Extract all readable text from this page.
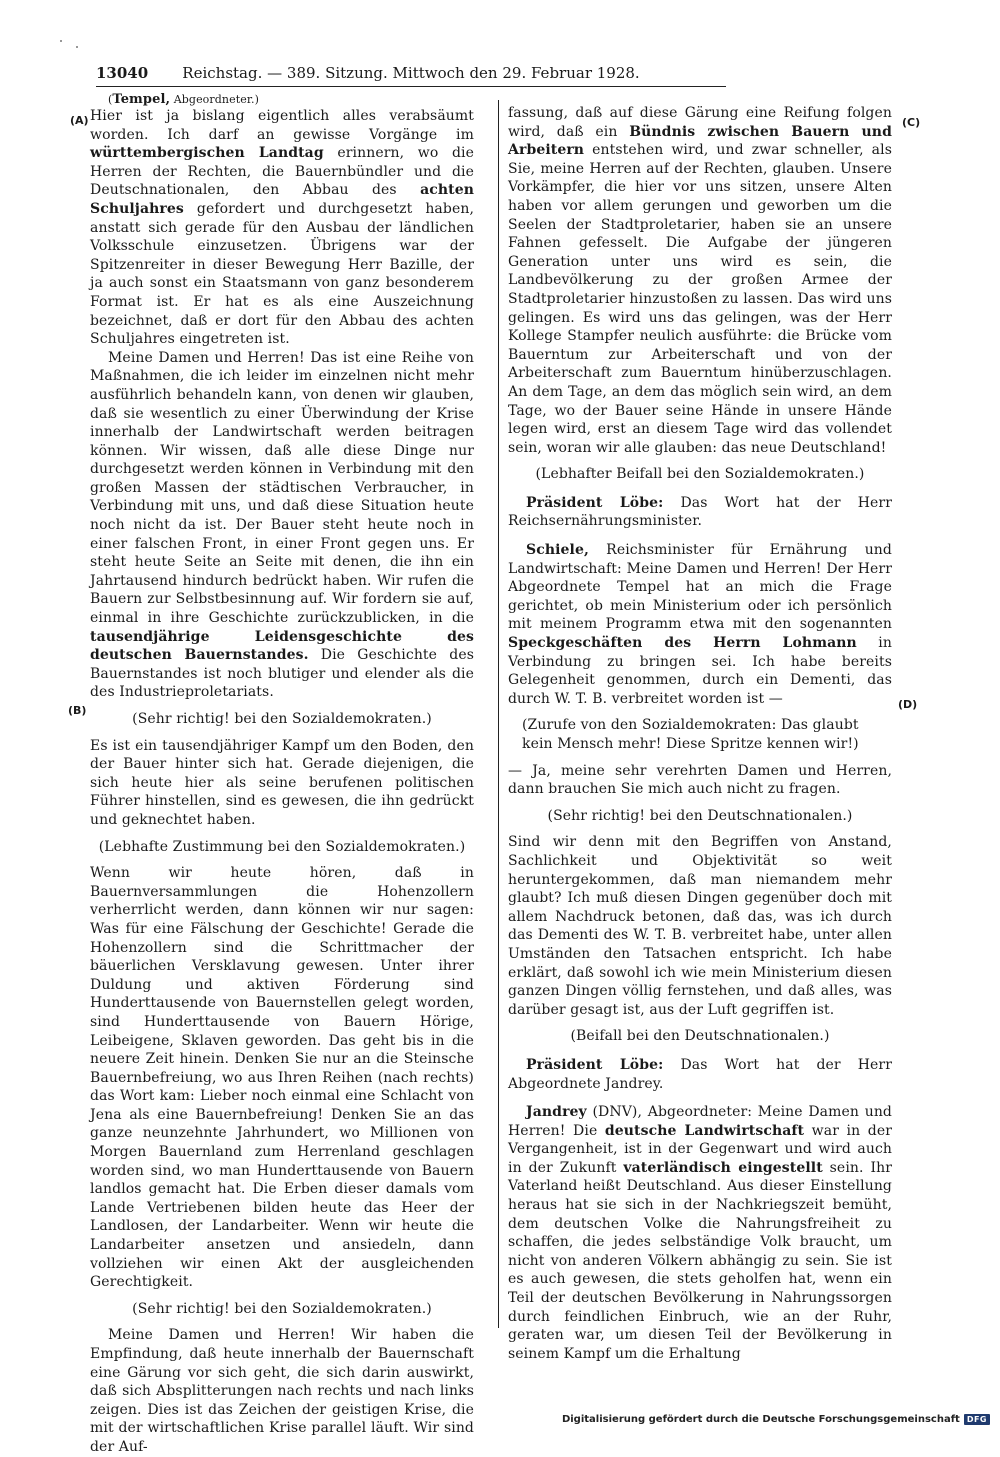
13040	Reichstag. — 389. Sitzung. Mittwoch den 29. Februar 1928.
(A)
(B)
(C)
(D)

(Tempel, Abgeordneter.)

Hier ist ja bislang eigentlich alles verabsäumt worden. Ich darf an gewisse Vorgänge im württembergischen Landtag erinnern, wo die Herren der Rechten, die Bauernbündler und die Deutschnationalen, den Abbau des achten Schuljahres gefordert und durchgesetzt haben, anstatt sich gerade für den Ausbau der ländlichen Volksschule einzusetzen. Übrigens war der Spitzenreiter in dieser Bewegung Herr Bazille, der ja auch sonst ein Staatsmann von ganz besonderem Format ist. Er hat es als eine Auszeichnung bezeichnet, daß er dort für den Abbau des achten Schuljahres eingetreten ist.

Meine Damen und Herren! Das ist eine Reihe von Maßnahmen, die ich leider im einzelnen nicht mehr ausführlich behandeln kann, von denen wir glauben, daß sie wesentlich zu einer Überwindung der Krise innerhalb der Landwirtschaft werden beitragen können. Wir wissen, daß alle diese Dinge nur durchgesetzt werden können in Verbindung mit den großen Massen der städtischen Verbraucher, in Verbindung mit uns, und daß diese Situation heute noch nicht da ist. Der Bauer steht heute noch in einer falschen Front, in einer Front gegen uns. Er steht heute Seite an Seite mit denen, die ihn ein Jahrtausend hindurch bedrückt haben. Wir rufen die Bauern zur Selbstbesinnung auf. Wir fordern sie auf, einmal in ihre Geschichte zurückzublicken, in die tausendjährige Leidensgeschichte des deutschen Bauernstandes. Die Geschichte des Bauernstandes ist noch blutiger und elender als die des Industrieproletariats.

(Sehr richtig! bei den Sozialdemokraten.)

Es ist ein tausendjähriger Kampf um den Boden, den der Bauer hinter sich hat. Gerade diejenigen, die sich heute hier als seine berufenen politischen Führer hinstellen, sind es gewesen, die ihn gedrückt und geknechtet haben.

(Lebhafte Zustimmung bei den Sozialdemokraten.)

Wenn wir heute hören, daß in Bauernversammlungen die Hohenzollern verherrlicht werden, dann können wir nur sagen: Was für eine Fälschung der Geschichte! Gerade die Hohenzollern sind die Schrittmacher der bäuerlichen Versklavung gewesen. Unter ihrer Duldung und aktiven Förderung sind Hunderttausende von Bauernstellen gelegt worden, sind Hunderttausende von Bauern Hörige, Leibeigene, Sklaven geworden. Das geht bis in die neuere Zeit hinein. Denken Sie nur an die Steinsche Bauernbefreiung, wo aus Ihren Reihen (nach rechts) das Wort kam: Lieber noch einmal eine Schlacht von Jena als eine Bauernbefreiung! Denken Sie an das ganze neunzehnte Jahrhundert, wo Millionen von Morgen Bauernland zum Herrenland geschlagen worden sind, wo man Hunderttausende von Bauern landlos gemacht hat. Die Erben dieser damals vom Lande Vertriebenen bilden heute das Heer der Landlosen, der Landarbeiter. Wenn wir heute die Landarbeiter ansetzen und ansiedeln, dann vollziehen wir einen Akt der ausgleichenden Gerechtigkeit.

(Sehr richtig! bei den Sozialdemokraten.)

Meine Damen und Herren! Wir haben die Empfindung, daß heute innerhalb der Bauernschaft eine Gärung vor sich geht, die sich darin auswirkt, daß sich Absplitterungen nach rechts und nach links zeigen. Dies ist das Zeichen der geistigen Krise, die mit der wirtschaftlichen Krise parallel läuft. Wir sind der Auf-

fassung, daß auf diese Gärung eine Reifung folgen wird, daß ein Bündnis zwischen Bauern und Arbeitern entstehen wird, und zwar schneller, als Sie, meine Herren auf der Rechten, glauben. Unsere Vorkämpfer, die hier vor uns sitzen, unsere Alten haben vor allem gerungen und geworben um die Seelen der Stadtproletarier, haben sie an unsere Fahnen gefesselt. Die Aufgabe der jüngeren Generation unter uns wird es sein, die Landbevölkerung zu der großen Armee der Stadtproletarier hinzustoßen zu lassen. Das wird uns gelingen. Es wird uns das gelingen, was der Herr Kollege Stampfer neulich ausführte: die Brücke vom Bauerntum zur Arbeiterschaft und von der Arbeiterschaft zum Bauerntum hinüberzuschlagen. An dem Tage, an dem das möglich sein wird, an dem Tage, wo der Bauer seine Hände in unsere Hände legen wird, erst an diesem Tage wird das vollendet sein, woran wir alle glauben: das neue Deutschland!

(Lebhafter Beifall bei den Sozialdemokraten.)

Präsident Löbe: Das Wort hat der Herr Reichsernährungsminister.

Schiele, Reichsminister für Ernährung und Landwirtschaft: Meine Damen und Herren! Der Herr Abgeordnete Tempel hat an mich die Frage gerichtet, ob mein Ministerium oder ich persönlich mit meinem Programm etwa mit den sogenannten Speckgeschäften des Herrn Lohmann in Verbindung zu bringen sei. Ich habe bereits Gelegenheit genommen, durch ein Dementi, das durch W. T. B. verbreitet worden ist —

(Zurufe von den Sozialdemokraten: Das glaubt kein Mensch mehr! Diese Spritze kennen wir!)

— Ja, meine sehr verehrten Damen und Herren, dann brauchen Sie mich auch nicht zu fragen.

(Sehr richtig! bei den Deutschnationalen.)

Sind wir denn mit den Begriffen von Anstand, Sachlichkeit und Objektivität so weit heruntergekommen, daß man niemandem mehr glaubt? Ich muß diesen Dingen gegenüber doch mit allem Nachdruck betonen, daß das, was ich durch das Dementi des W. T. B. verbreitet habe, unter allen Umständen den Tatsachen entspricht. Ich habe erklärt, daß sowohl ich wie mein Ministerium diesen ganzen Dingen völlig fernstehen, und daß alles, was darüber gesagt ist, aus der Luft gegriffen ist.

(Beifall bei den Deutschnationalen.)

Präsident Löbe: Das Wort hat der Herr Abgeordnete Jandrey.

Jandrey (DNV), Abgeordneter: Meine Damen und Herren! Die deutsche Landwirtschaft war in der Vergangenheit, ist in der Gegenwart und wird auch in der Zukunft vaterländisch eingestellt sein. Ihr Vaterland heißt Deutschland. Aus dieser Einstellung heraus hat sie sich in der Nachkriegszeit bemüht, dem deutschen Volke die Nahrungsfreiheit zu schaffen, die jedes selbständige Volk braucht, um nicht von anderen Völkern abhängig zu sein. Sie ist es auch gewesen, die stets geholfen hat, wenn ein Teil der deutschen Bevölkerung in Nahrungssorgen durch feindlichen Einbruch, wie an der Ruhr, geraten war, um diesen Teil der Bevölkerung in seinem Kampf um die Erhaltung

Digitalisierung gefördert durch die Deutsche Forschungsgemeinschaft DFG
